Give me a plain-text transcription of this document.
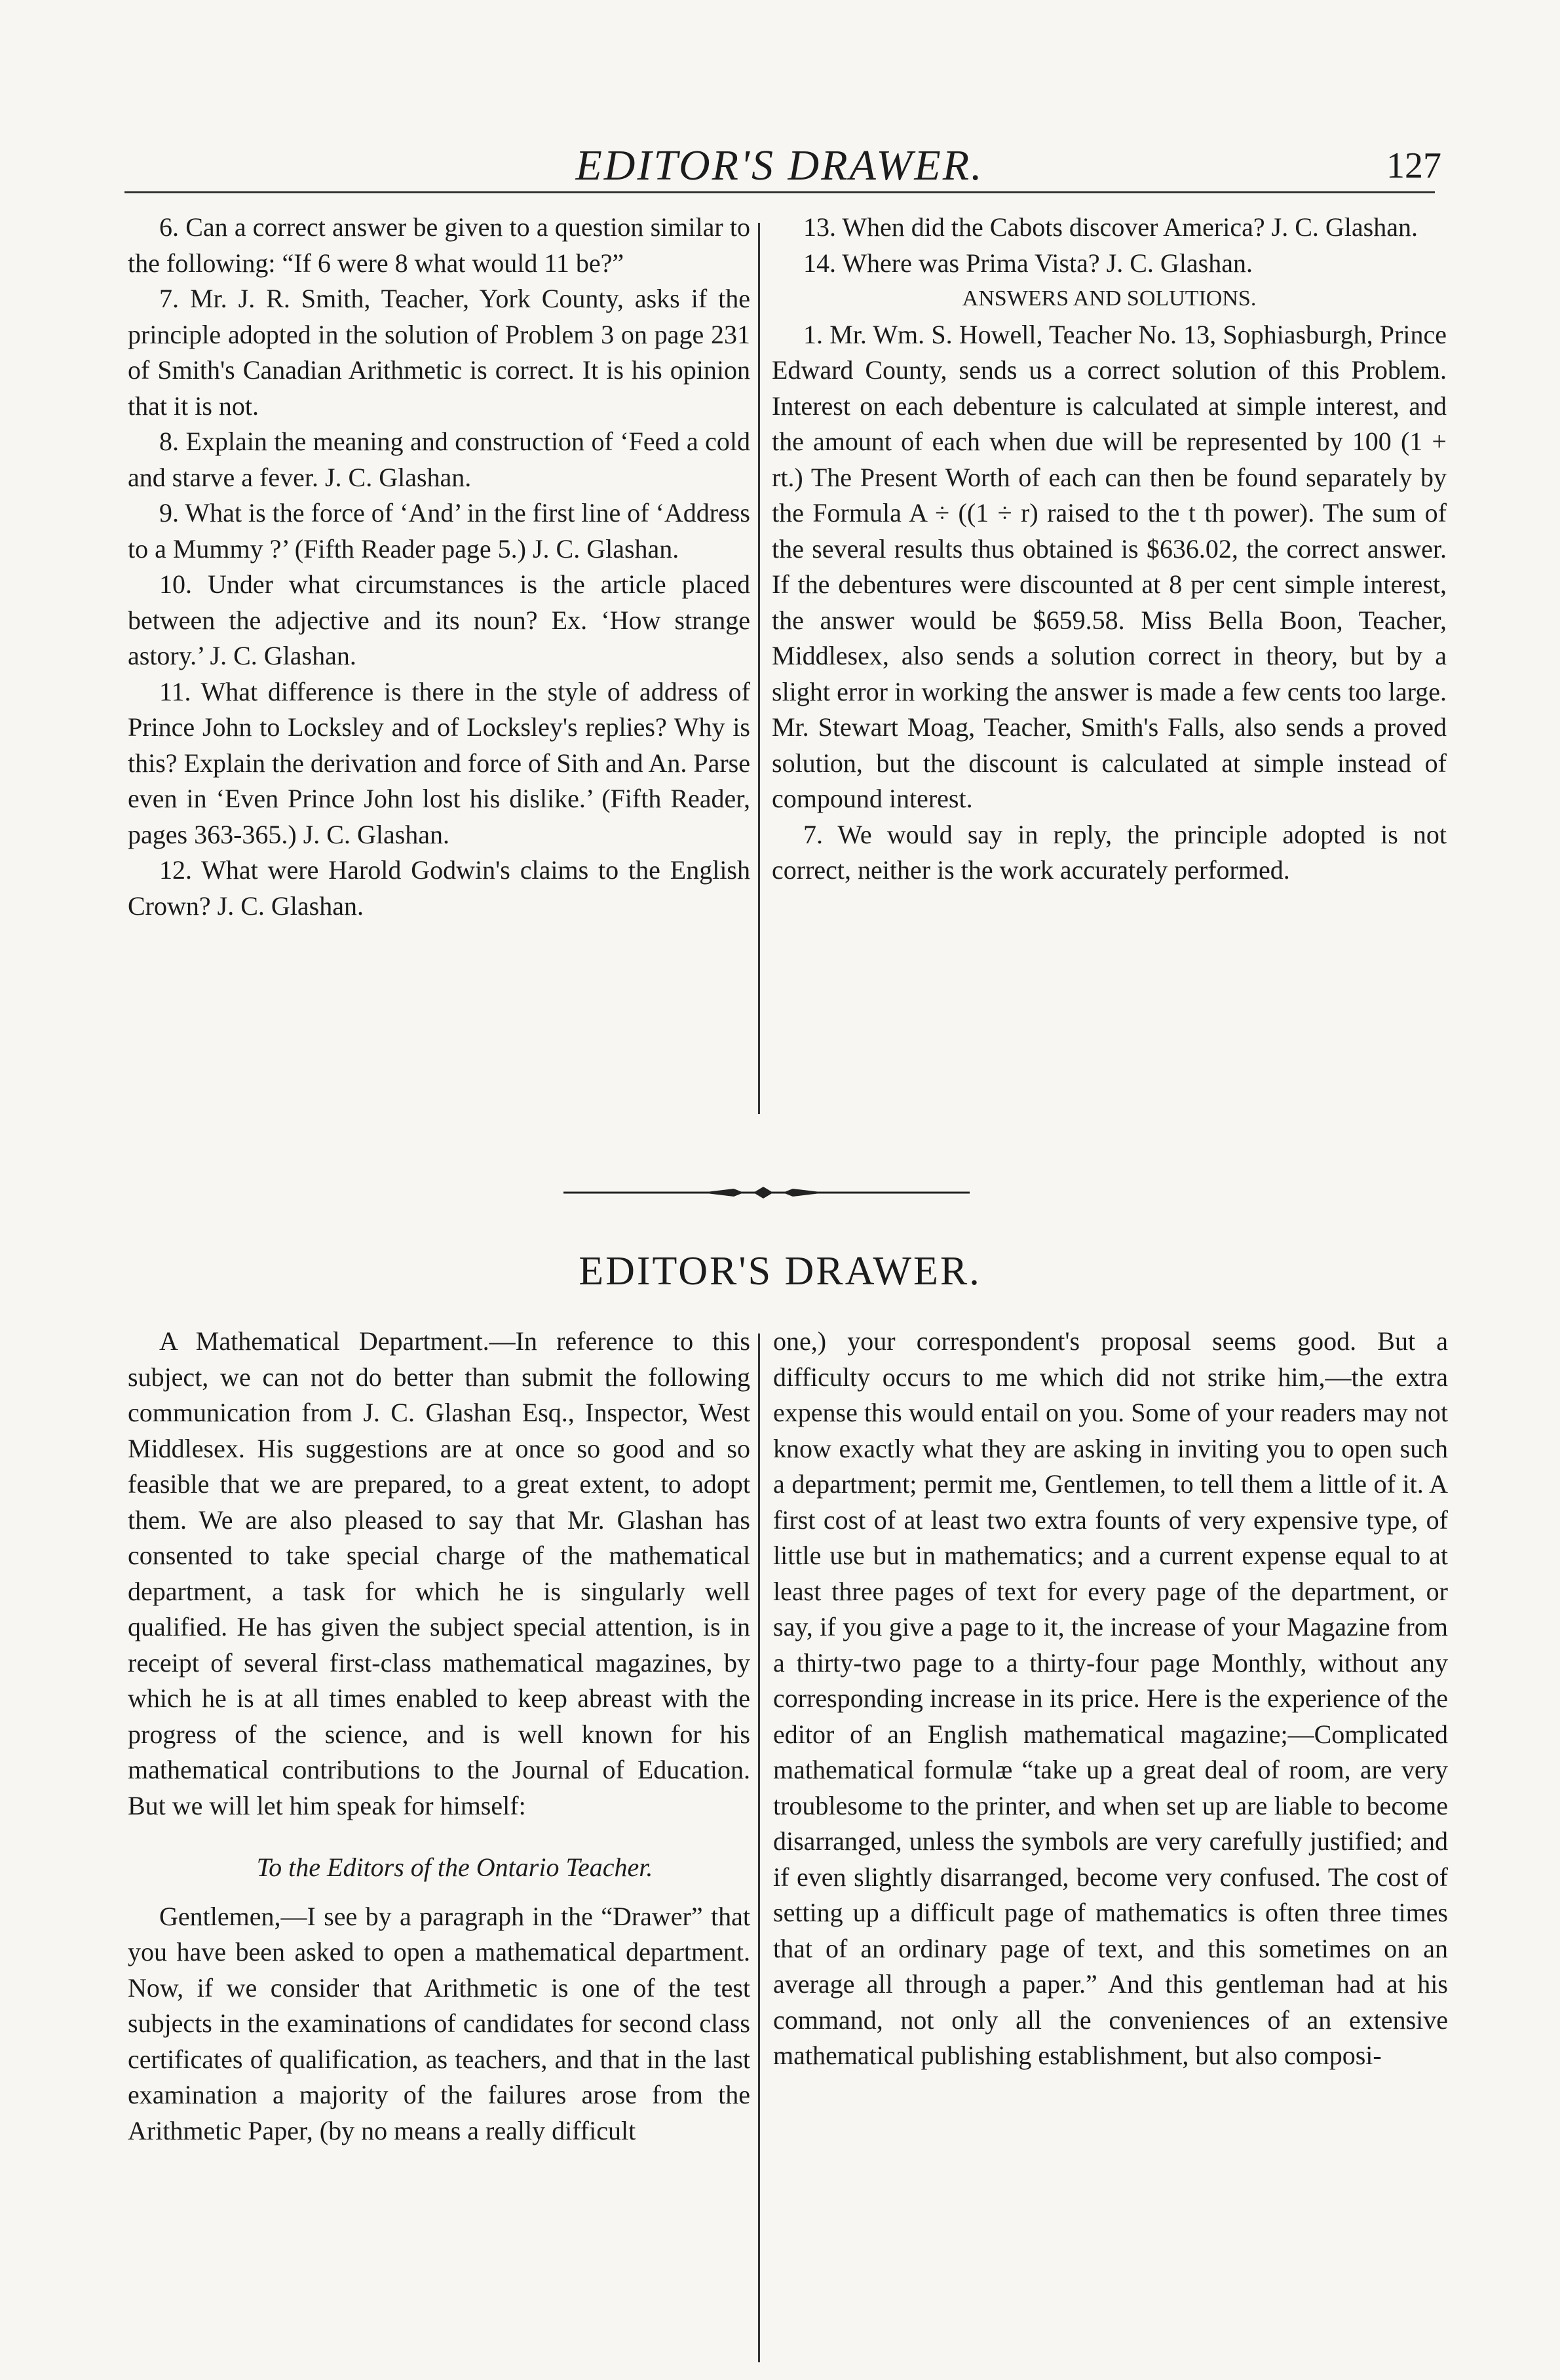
EDITOR'S DRAWER.	127

6. Can a correct answer be given to a question similar to the following: “If 6 were 8 what would 11 be?”

7. Mr. J. R. Smith, Teacher, York County, asks if the principle adopted in the solution of Problem 3 on page 231 of Smith's Canadian Arithmetic is correct. It is his opinion that it is not.

8. Explain the meaning and construction of ‘Feed a cold and starve a fever. J. C. Glashan.

9. What is the force of ‘And’ in the first line of ‘Address to a Mummy ?’ (Fifth Reader page 5.) J. C. Glashan.

10. Under what circumstances is the article placed between the adjective and its noun? Ex. ‘How strange astory.’ J. C. Glashan.

11. What difference is there in the style of address of Prince John to Locksley and of Locksley's replies? Why is this? Explain the derivation and force of Sith and An. Parse even in ‘Even Prince John lost his dislike.’ (Fifth Reader, pages 363-365.) J. C. Glashan.

12. What were Harold Godwin's claims to the English Crown? J. C. Glashan.

13. When did the Cabots discover America? J. C. Glashan.

14. Where was Prima Vista? J. C. Glashan.

ANSWERS AND SOLUTIONS.

1. Mr. Wm. S. Howell, Teacher No. 13, Sophiasburgh, Prince Edward County, sends us a correct solution of this Problem. Interest on each debenture is calculated at simple interest, and the amount of each when due will be represented by 100 (1 + rt.) The Present Worth of each can then be found separately by the Formula A ÷ ((1 ÷ r) raised to the t th power). The sum of the several results thus obtained is $636.02, the correct answer. If the debentures were discounted at 8 per cent simple interest, the answer would be $659.58. Miss Bella Boon, Teacher, Middlesex, also sends a solution correct in theory, but by a slight error in working the answer is made a few cents too large. Mr. Stewart Moag, Teacher, Smith's Falls, also sends a proved solution, but the discount is calculated at simple instead of compound interest.

7. We would say in reply, the principle adopted is not correct, neither is the work accurately performed.

EDITOR'S DRAWER.

A Mathematical Department.—In reference to this subject, we can not do better than submit the following communication from J. C. Glashan Esq., Inspector, West Middlesex. His suggestions are at once so good and so feasible that we are prepared, to a great extent, to adopt them. We are also pleased to say that Mr. Glashan has consented to take special charge of the mathematical department, a task for which he is singularly well qualified. He has given the subject special attention, is in receipt of several first-class mathematical magazines, by which he is at all times enabled to keep abreast with the progress of the science, and is well known for his mathematical contributions to the Journal of Education. But we will let him speak for himself:

To the Editors of the Ontario Teacher.

Gentlemen,—I see by a paragraph in the “Drawer” that you have been asked to open a mathematical department. Now, if we consider that Arithmetic is one of the test subjects in the examinations of candidates for second class certificates of qualification, as teachers, and that in the last examination a majority of the failures arose from the Arithmetic Paper, (by no means a really difficult

one,) your correspondent's proposal seems good. But a difficulty occurs to me which did not strike him,—the extra expense this would entail on you. Some of your readers may not know exactly what they are asking in inviting you to open such a department; permit me, Gentlemen, to tell them a little of it. A first cost of at least two extra founts of very expensive type, of little use but in mathematics; and a current expense equal to at least three pages of text for every page of the department, or say, if you give a page to it, the increase of your Magazine from a thirty-two page to a thirty-four page Monthly, without any corresponding increase in its price. Here is the experience of the editor of an English mathematical magazine;—Complicated mathematical formulæ “take up a great deal of room, are very troublesome to the printer, and when set up are liable to become disarranged, unless the symbols are very carefully justified; and if even slightly disarranged, become very confused. The cost of setting up a difficult page of mathematics is often three times that of an ordinary page of text, and this sometimes on an average all through a paper.” And this gentleman had at his command, not only all the conveniences of an extensive mathematical publishing establishment, but also composi-
